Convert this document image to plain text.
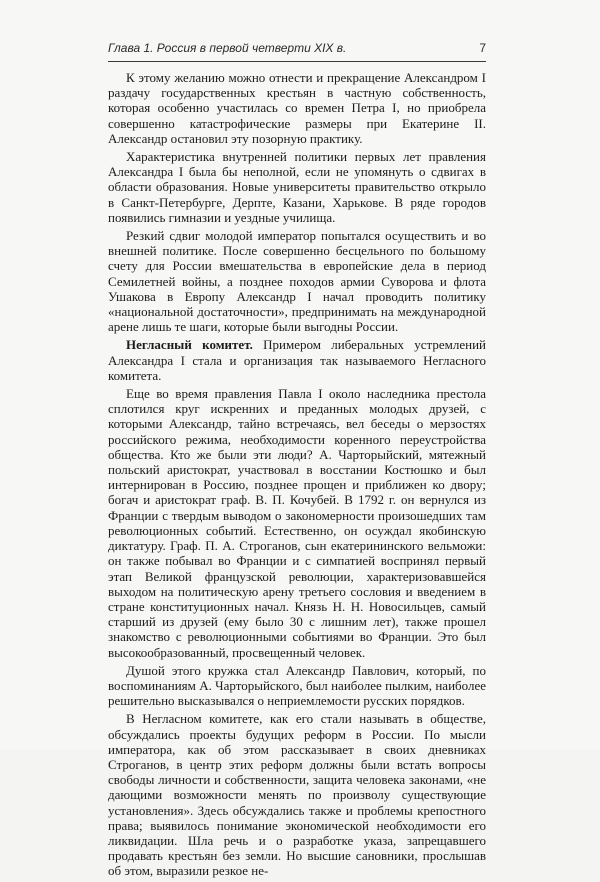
Глава 1. Россия в первой четверти XIX в.	7

К этому желанию можно отнести и прекращение Александром I раздачу государственных крестьян в частную собственность, которая особенно участилась со времен Петра I, но приобрела совершенно катастрофические размеры при Екатерине II. Александр остановил эту позорную практику.

Характеристика внутренней политики первых лет правления Александра I была бы неполной, если не упомянуть о сдвигах в области образования. Новые университеты правительство открыло в Санкт-Петербурге, Дерпте, Казани, Харькове. В ряде городов появились гимназии и уездные училища.

Резкий сдвиг молодой император попытался осуществить и во внешней политике. После совершенно бесцельного по большому счету для России вмешательства в европейские дела в период Семилетней войны, а позднее походов армии Суворова и флота Ушакова в Европу Александр I начал проводить политику «национальной достаточности», предпринимать на международной арене лишь те шаги, которые были выгодны России.

Негласный комитет. Примером либеральных устремлений Александра I стала и организация так называемого Негласного комитета.

Еще во время правления Павла I около наследника престола сплотился круг искренних и преданных молодых друзей, с которыми Александр, тайно встречаясь, вел беседы о мерзостях российского режима, необходимости коренного переустройства общества. Кто же были эти люди? А. Чарторыйский, мятежный польский аристократ, участвовал в восстании Костюшко и был интернирован в Россию, позднее прощен и приближен ко двору; богач и аристократ граф. В. П. Кочубей. В 1792 г. он вернулся из Франции с твердым выводом о закономерности произошедших там революционных событий. Естественно, он осуждал якобинскую диктатуру. Граф. П. А. Строганов, сын екатерининского вельможи: он также побывал во Франции и с симпатией воспринял первый этап Великой французской революции, характеризовавшейся выходом на политическую арену третьего сословия и введением в стране конституционных начал. Князь Н. Н. Новосильцев, самый старший из друзей (ему было 30 с лишним лет), также прошел знакомство с революционными событиями во Франции. Это был высокообразованный, просвещенный человек.

Душой этого кружка стал Александр Павлович, который, по воспоминаниям А. Чарторыйского, был наиболее пылким, наиболее решительно высказывался о неприемлемости русских порядков.

В Негласном комитете, как его стали называть в обществе, обсуждались проекты будущих реформ в России. По мысли императора, как об этом рассказывает в своих дневниках Строганов, в центр этих реформ должны были встать вопросы свободы личности и собственности, защита человека законами, «не дающими возможности менять по произволу существующие установления». Здесь обсуждались также и проблемы крепостного права; выявилось понимание экономической необходимости его ликвидации. Шла речь и о разработке указа, запрещавшего продавать крестьян без земли. Но высшие сановники, прослышав об этом, выразили резкое не-
